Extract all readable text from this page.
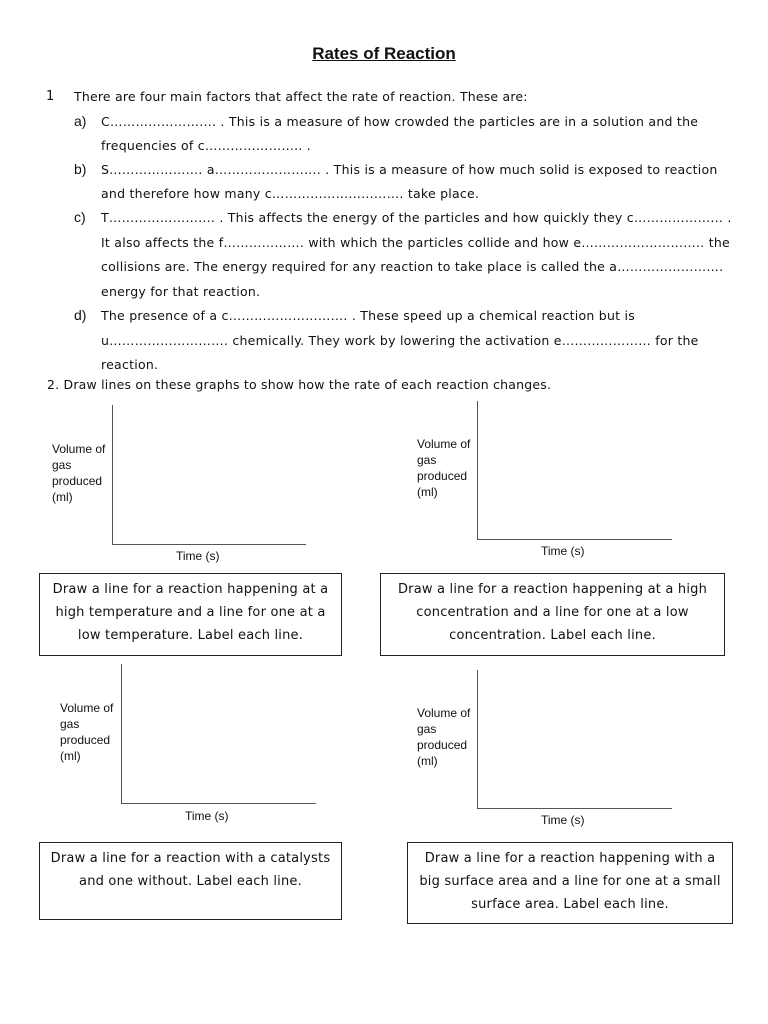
Rates of Reaction
1 There are four main factors that affect the rate of reaction. These are:
a) C……………………. . This is a measure of how crowded the particles are in a solution and the
frequencies of c………………….. .
b) S…………………. a……………………. . This is a measure of how much solid is exposed to reaction
and therefore how many c…………………………. take place.
c) T……………………. . This affects the energy of the particles and how quickly they c………………… .
It also affects the f………………. with which the particles collide and how e……………………….. the
collisions are. The energy required for any reaction to take place is called the a…………………….
energy for that reaction.
d) The presence of a c………………………. . These speed up a chemical reaction but is
u………………………. chemically. They work by lowering the activation e………………… for the
reaction.
2. Draw lines on these graphs to show how the rate of each reaction changes.
Volume of
gas
produced
(ml)
Time (s)
Draw a line for a reaction happening at a high temperature and a line for one at a low temperature. Label each line.
Volume of
gas
produced
(ml)
Time (s)
Draw a line for a reaction happening at a high concentration and a line for one at a low concentration. Label each line.
Volume of
gas
produced
(ml)
Time (s)
Draw a line for a reaction with a catalysts and one without. Label each line.
Volume of
gas
produced
(ml)
Time (s)
Draw a line for a reaction happening with a big surface area and a line for one at a small surface area. Label each line.
